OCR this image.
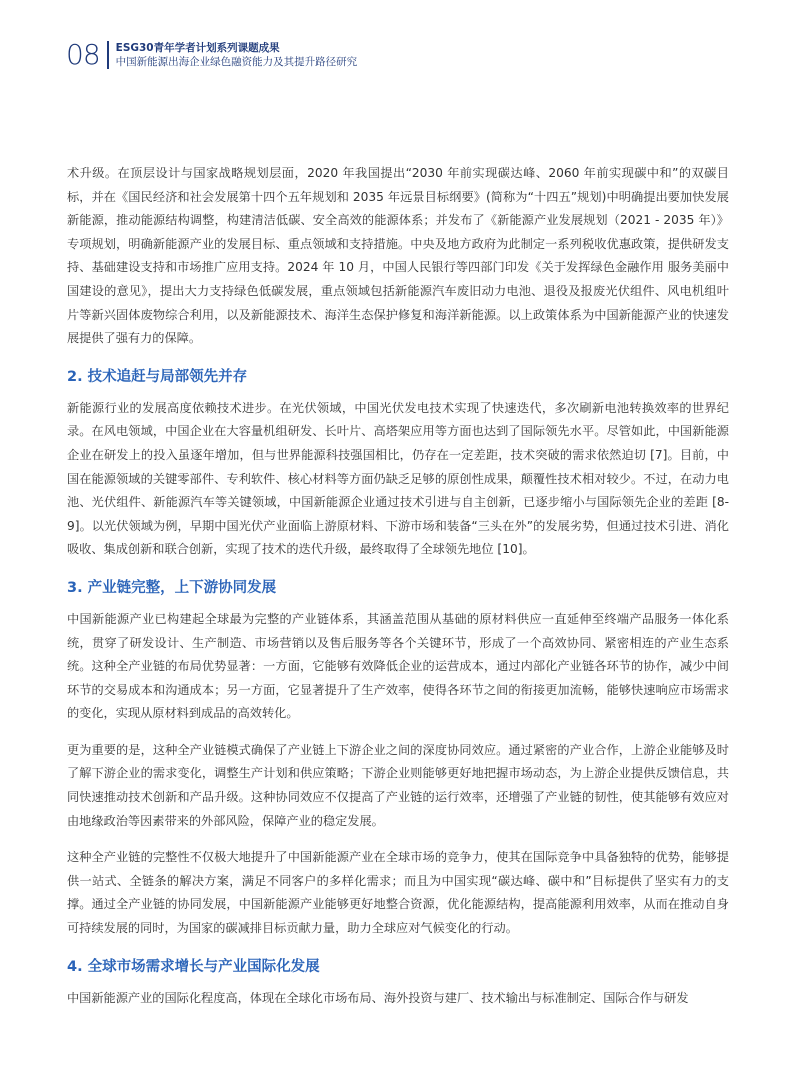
08 ESG30青年学者计划系列课题成果
中国新能源出海企业绿色融资能力及其提升路径研究

术升级。在顶层设计与国家战略规划层面，2020 年我国提出“2030 年前实现碳达峰、2060 年前实现碳中和”的双碳目标，并在《国民经济和社会发展第十四个五年规划和 2035 年远景目标纲要》(简称为“十四五”规划)中明确提出要加快发展新能源，推动能源结构调整，构建清洁低碳、安全高效的能源体系；并发布了《新能源产业发展规划（2021 - 2035 年）》专项规划，明确新能源产业的发展目标、重点领域和支持措施。中央及地方政府为此制定一系列税收优惠政策，提供研发支持、基础建设支持和市场推广应用支持。2024 年 10 月，中国人民银行等四部门印发《关于发挥绿色金融作用 服务美丽中国建设的意见》，提出大力支持绿色低碳发展，重点领域包括新能源汽车废旧动力电池、退役及报废光伏组件、风电机组叶片等新兴固体废物综合利用，以及新能源技术、海洋生态保护修复和海洋新能源。以上政策体系为中国新能源产业的快速发展提供了强有力的保障。

2. 技术追赶与局部领先并存

新能源行业的发展高度依赖技术进步。在光伏领域，中国光伏发电技术实现了快速迭代，多次刷新电池转换效率的世界纪录。在风电领域，中国企业在大容量机组研发、长叶片、高塔架应用等方面也达到了国际领先水平。尽管如此，中国新能源企业在研发上的投入虽逐年增加，但与世界能源科技强国相比，仍存在一定差距，技术突破的需求依然迫切 [7]。目前，中国在能源领域的关键零部件、专利软件、核心材料等方面仍缺乏足够的原创性成果，颠覆性技术相对较少。不过，在动力电池、光伏组件、新能源汽车等关键领域，中国新能源企业通过技术引进与自主创新，已逐步缩小与国际领先企业的差距 [8-9]。以光伏领域为例，早期中国光伏产业面临上游原材料、下游市场和装备“三头在外”的发展劣势，但通过技术引进、消化吸收、集成创新和联合创新，实现了技术的迭代升级，最终取得了全球领先地位 [10]。

3. 产业链完整，上下游协同发展

中国新能源产业已构建起全球最为完整的产业链体系，其涵盖范围从基础的原材料供应一直延伸至终端产品服务一体化系统，贯穿了研发设计、生产制造、市场营销以及售后服务等各个关键环节，形成了一个高效协同、紧密相连的产业生态系统。这种全产业链的布局优势显著：一方面，它能够有效降低企业的运营成本，通过内部化产业链各环节的协作，减少中间环节的交易成本和沟通成本；另一方面，它显著提升了生产效率，使得各环节之间的衔接更加流畅，能够快速响应市场需求的变化，实现从原材料到成品的高效转化。

更为重要的是，这种全产业链模式确保了产业链上下游企业之间的深度协同效应。通过紧密的产业合作，上游企业能够及时了解下游企业的需求变化，调整生产计划和供应策略；下游企业则能够更好地把握市场动态，为上游企业提供反馈信息，共同快速推动技术创新和产品升级。这种协同效应不仅提高了产业链的运行效率，还增强了产业链的韧性，使其能够有效应对由地缘政治等因素带来的外部风险，保障产业的稳定发展。

这种全产业链的完整性不仅极大地提升了中国新能源产业在全球市场的竞争力，使其在国际竞争中具备独特的优势，能够提供一站式、全链条的解决方案，满足不同客户的多样化需求；而且为中国实现“碳达峰、碳中和”目标提供了坚实有力的支撑。通过全产业链的协同发展，中国新能源产业能够更好地整合资源，优化能源结构，提高能源利用效率，从而在推动自身可持续发展的同时，为国家的碳减排目标贡献力量，助力全球应对气候变化的行动。

4. 全球市场需求增长与产业国际化发展

中国新能源产业的国际化程度高，体现在全球化市场布局、海外投资与建厂、技术输出与标准制定、国际合作与研发
